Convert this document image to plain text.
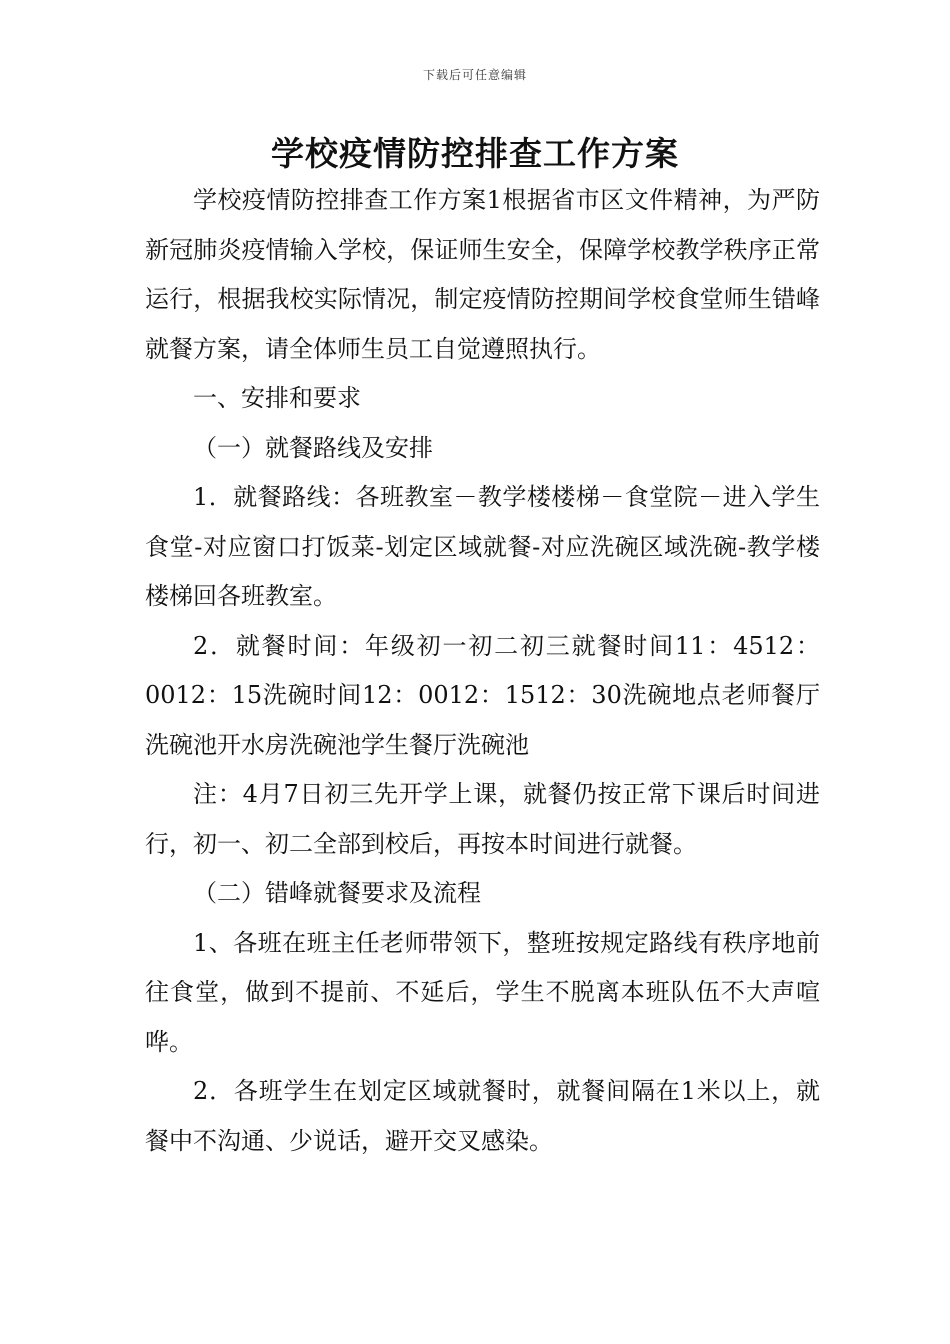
下载后可任意编辑
学校疫情防控排查工作方案

学校疫情防控排查工作方案1根据省市区文件精神，为严防新冠肺炎疫情输入学校，保证师生安全，保障学校教学秩序正常运行，根据我校实际情况，制定疫情防控期间学校食堂师生错峰就餐方案，请全体师生员工自觉遵照执行。

一、安排和要求

（一）就餐路线及安排

1．就餐路线：各班教室－教学楼楼梯－食堂院－进入学生食堂-对应窗口打饭菜-划定区域就餐-对应洗碗区域洗碗-教学楼楼梯回各班教室。

2．就餐时间：年级初一初二初三就餐时间11：4512：0012：15洗碗时间12：0012：1512：30洗碗地点老师餐厅洗碗池开水房洗碗池学生餐厅洗碗池

注：4月7日初三先开学上课，就餐仍按正常下课后时间进行，初一、初二全部到校后，再按本时间进行就餐。

（二）错峰就餐要求及流程

1、各班在班主任老师带领下，整班按规定路线有秩序地前往食堂，做到不提前、不延后，学生不脱离本班队伍不大声喧哗。

2．各班学生在划定区域就餐时，就餐间隔在1米以上，就餐中不沟通、少说话，避开交叉感染。
